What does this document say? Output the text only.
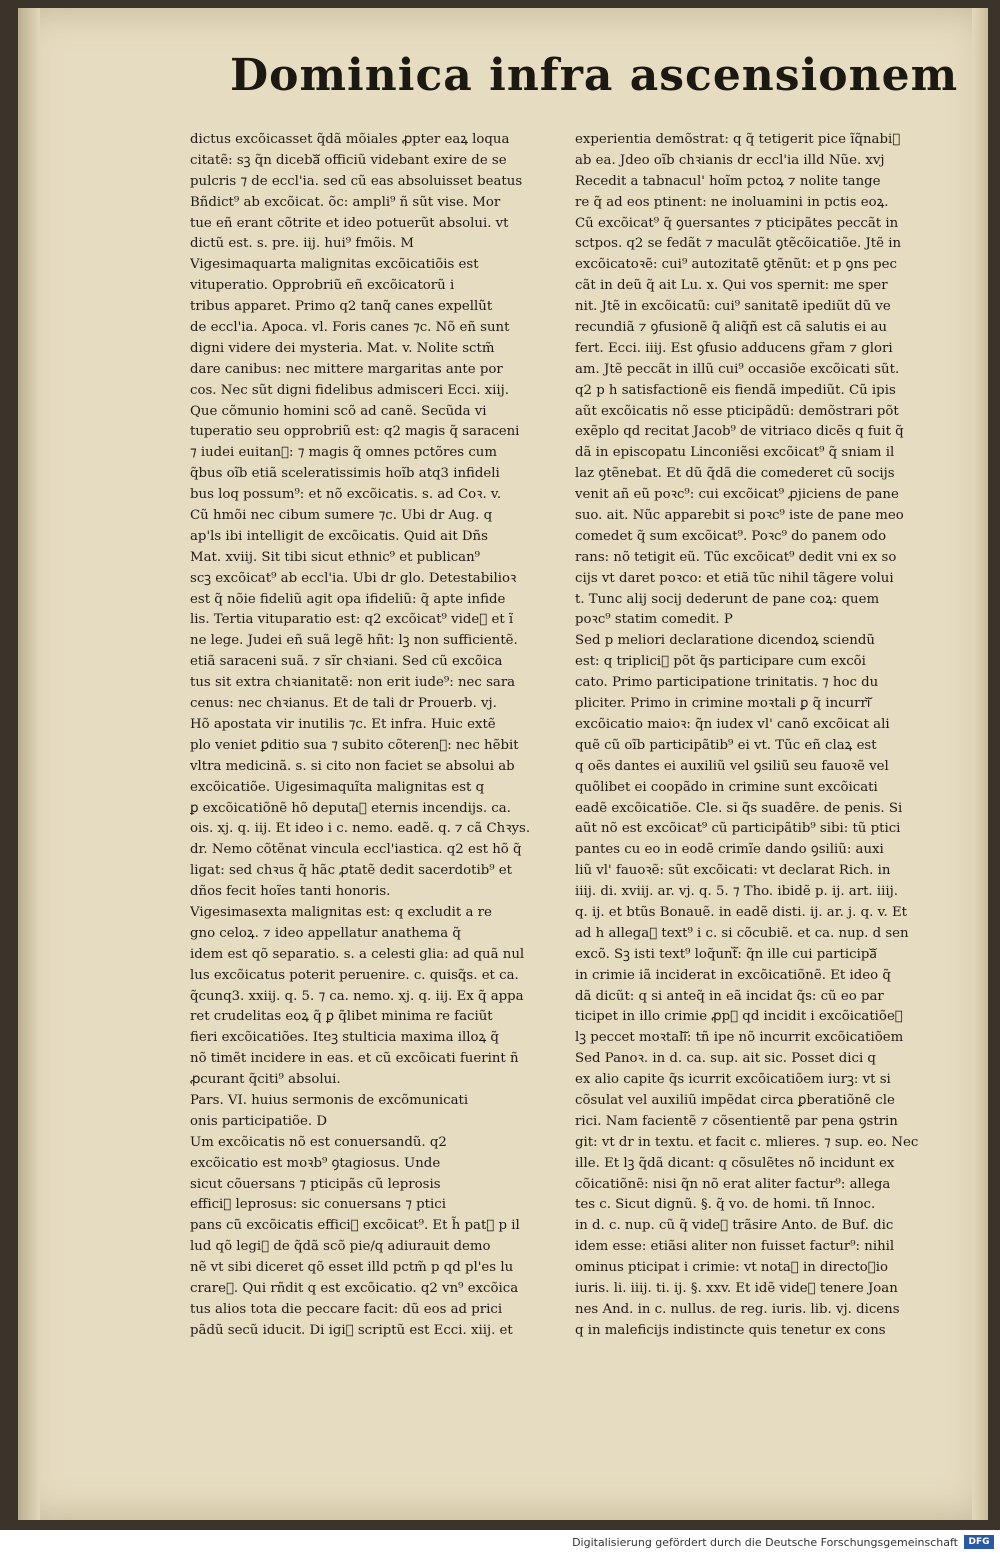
Dominica infra ascensionem
dictus excõicasset q̃dã mõiales ꝓpter eaꝝ loqua
citatẽ: sꝫ q̃n dicebaᷓ officiũ videbant exire de se
pulcris ⁊ de eccl'ia. sed cũ eas absoluisset beatus
Bñdict⁹ ab excõicat. õc: ampli⁹ ñ sũt vise. Mor
tue eñ erant cõtrite et ideo potuerũt absolui. vt
dictũ est. s. pre. iij. hui⁹ fmõis. M
Vigesimaquarta malignitas excõicatiõis est
vituperatio. Opprobriũ eñ excõicatorũ i
tribus apparet. Primo q2 tanq̃ canes expellũt
de eccl'ia. Apoca. vl. Foris canes ⁊c. Nõ eñ sunt
digni videre dei mysteria. Mat. v. Nolite sctm̃
dare canibus: nec mittere margaritas ante por
cos. Nec sũt digni fidelibus admisceri Ecci. xiij.
Que cõmunio homini scõ ad canẽ. Secũda vi
tuperatio seu opprobriũ est: q2 magis q̃ saraceni
⁊ iudei euitanᷓ: ⁊ magis q̃ omnes pctõres cum
q̃bus oĩb etiã sceleratissimis hoĩb atq3 infideli
bus loq possum⁹: et nõ excõicatis. s. ad Coꝛ. v.
Cũ hmõi nec cibum sumere ⁊c. Ubi dr Aug. q
ap'ls ibi intelligit de excõicatis. Quid ait Dñs
Mat. xviij. Sit tibi sicut ethnic⁹ et publican⁹
scꝫ excõicat⁹ ab eccl'ia. Ubi dr glo. Detestabilioꝛ
est q̃ nõie fideliũ agit opa ifideliũ: q̃ apte infide
lis. Tertia vituparatio est: q2 excõicat⁹ videᷓ et ĩ
ne lege. Judei eñ suã legẽ hñt: lꝫ non sufficientẽ.
etiã saraceni suã. ⁊ sĩr chꝛiani. Sed cũ excõica
tus sit extra chꝛianitatẽ: non erit iude⁹: nec sara
cenus: nec chꝛianus. Et de tali dr Prouerb. vj.
Hõ apostata vir inutilis ⁊c. Et infra. Huic extẽ
plo veniet ꝑditio sua ⁊ subito cõterenᷓ: nec hẽbit
vltra medicinã. s. si cito non faciet se absolui ab
excõicatiõe. Uigesimaquĩta malignitas est q
ꝑ excõicatiõnẽ hõ deputaᷓ eternis incendijs. ca.
ois. xj. q. iij. Et ideo i c. nemo. eadẽ. q. ⁊ cã Chꝛys.
dr. Nemo cõtẽnat vincula eccl'iastica. q2 est hõ q̃
ligat: sed chꝛus q̃ hãc ꝓtatẽ dedit sacerdotib⁹ et
dños fecit hoĩes tanti honoris.
Vigesimasexta malignitas est: q excludit a re
gno celoꝝ. ⁊ ideo appellatur anathema q̃
idem est qõ separatio. s. a celesti glia: ad quã nul
lus excõicatus poterit peruenire. c. quisq̃s. et ca.
q̃cunq3. xxiij. q. 5. ⁊ ca. nemo. xj. q. iij. Ex q̃ appa
ret crudelitas eoꝝ q̃ ꝑ q̃libet minima re faciũt
fieri excõicatiões. Iteꝫ stulticia maxima illoꝝ q̃
nõ timẽt incidere in eas. et cũ excõicati fuerint ñ
ꝓcurant q̃citi⁹ absolui.
Pars. VI. huius sermonis de excõmunicati
onis participatiõe. D
Um excõicatis nõ est conuersandũ. q2
excõicatio est moꝛb⁹ ꝯtagiosus. Unde
sicut cõuersans ⁊ pticipãs cũ leprosis
efficiᷓ leprosus: sic conuersans ⁊ ptici
pans cũ excõicatis efficiᷓ excõicat⁹. Et h̃ patꝫ p il
lud qõ legiᷓ de q̃dã scõ pie/q adiurauit demo
nẽ vt sibi diceret qõ esset illd pctm̃ p qd pl'es lu
crareᷓ. Qui rñdit q est excõicatio. q2 vn⁹ excõica
tus alios tota die peccare facit: dũ eos ad prici
pãdũ secũ iducit. Di igiᷓ scriptũ est Ecci. xiij. et
experientia demõstrat: q q̃ tetigerit pice ĩq̃nabiᷓ
ab ea. Jdeo oĩb chꝛianis dr eccl'ia illd Nũe. xvj
Recedit a tabnacul' hoĩm pctoꝝ ⁊ nolite tange
re q̃ ad eos ptinent: ne inoluamini in pctis eoꝝ.
Cũ excõicat⁹ q̃ ꝯuersantes ⁊ pticipãtes peccãt in
sctpos. q2 se fedãt ⁊ maculãt ꝯtẽcõicatiõe. Jtẽ in
excõicatoꝛẽ: cui⁹ autozitatẽ ꝯtẽnũt: et p ꝯns pec
cãt in deũ q̃ ait Lu. x. Qui vos spernit: me sper
nit. Jtẽ in excõicatũ: cui⁹ sanitatẽ ipediũt dũ ve
recundiã ⁊ ꝯfusionẽ q̃ aliq̃ñ est cã salutis ei au
fert. Ecci. iiij. Est ꝯfusio adducens gr̃am ⁊ glori
am. Jtẽ peccãt in illũ cui⁹ occasiõe excõicati sũt.
q2 p h satisfactionẽ eis fiendã impediũt. Cũ ipis
aũt excõicatis nõ esse pticipãdũ: demõstrari põt
exẽplo qd recitat Jacob⁹ de vitriaco dicẽs q fuit q̃
dã in episcopatu Linconiẽsi excõicat⁹ q̃ sniam il
laz ꝯtẽnebat. Et dũ q̃dã die comederet cũ socijs
venit añ eũ poꝛc⁹: cui excõicat⁹ ꝓjiciens de pane
suo. ait. Nũc apparebit si poꝛc⁹ iste de pane meo
comedet q̃ sum excõicat⁹. Poꝛc⁹ do panem odo
rans: nõ tetigit eũ. Tũc excõicat⁹ dedit vni ex so
cijs vt daret poꝛco: et etiã tũc nihil tãgere volui
t. Tunc alij socij dederunt de pane coꝝ: quem
poꝛc⁹ statim comedit. P
Sed p meliori declaratione dicendoꝝ sciendũ
est: q tripliciᷓ põt q̃s participare cum excõi
cato. Primo participatione trinitatis. ⁊ hoc du
pliciter. Primo in crimine moꝛtali ꝑ q̃ incurriᷓ
excõicatio maioꝛ: q̃n iudex vl' canõ excõicat ali
quẽ cũ oĩb participãtib⁹ ei vt. Tũc eñ claꝝ est
q oẽs dantes ei auxiliũ vel ꝯsiliũ seu fauoꝛẽ vel
quõlibet ei coopãdo in crimine sunt excõicati
eadẽ excõicatiõe. Cle. si q̃s suadẽre. de penis. Si
aũt nõ est excõicat⁹ cũ participãtib⁹ sibi: tũ ptici
pantes cu eo in eodẽ crimĩe dando ꝯsiliũ: auxi
liũ vl' fauoꝛẽ: sũt excõicati: vt declarat Rich. in
iiij. di. xviij. ar. vj. q. 5. ⁊ Tho. ibidẽ p. ij. art. iiij.
q. ij. et btũs Bonauẽ. in eadẽ disti. ij. ar. j. q. v. Et
ad h allegaᷓ text⁹ i c. si cõcubiẽ. et ca. nup. d sen
excõ. Sꝫ isti text⁹ loq̃untᷓ: q̃n ille cui participaᷓ
in crimie iã inciderat in excõicatiõnẽ. Et ideo q̃
dã dicũt: q si anteq̃ in eã incidat q̃s: cũ eo par
ticipet in illo crimie ꝓpᷓ qd incidit i excõicatiõeꝫ
lꝫ peccet moꝛtaliᷓ: tñ ipe nõ incurrit excõicatiõem
Sed Panoꝛ. in d. ca. sup. ait sic. Posset dici q
ex alio capite q̃s icurrit excõicatiõem iurꝫ: vt si
cõsulat vel auxiliũ impẽdat circa ꝑberatiõnẽ cle
rici. Nam facientẽ ⁊ cõsentientẽ par pena ꝯstrin
git: vt dr in textu. et facit c. mlieres. ⁊ sup. eo. Nec
ille. Et lꝫ q̃dã dicant: q cõsulẽtes nõ incidunt ex
cõicatiõnẽ: nisi q̃n nõ erat aliter factur⁹: allega
tes c. Sicut dignũ. §. q̃ vo. de homi. tñ Innoc.
in d. c. nup. cũ q̃ videᷓ trãsire Anto. de Buf. dic
idem esse: etiãsi aliter non fuisset factur⁹: nihil
ominus pticipat i crimie: vt notaᷓ in directoꝛio
iuris. li. iiij. ti. ij. §. xxv. Et idẽ videᷓ tenere Joan
nes And. in c. nullus. de reg. iuris. lib. vj. dicens
q in maleficijs indistincte quis tenetur ex cons
Digitalisierung gefördert durch die Deutsche Forschungsgemeinschaft	DFG
